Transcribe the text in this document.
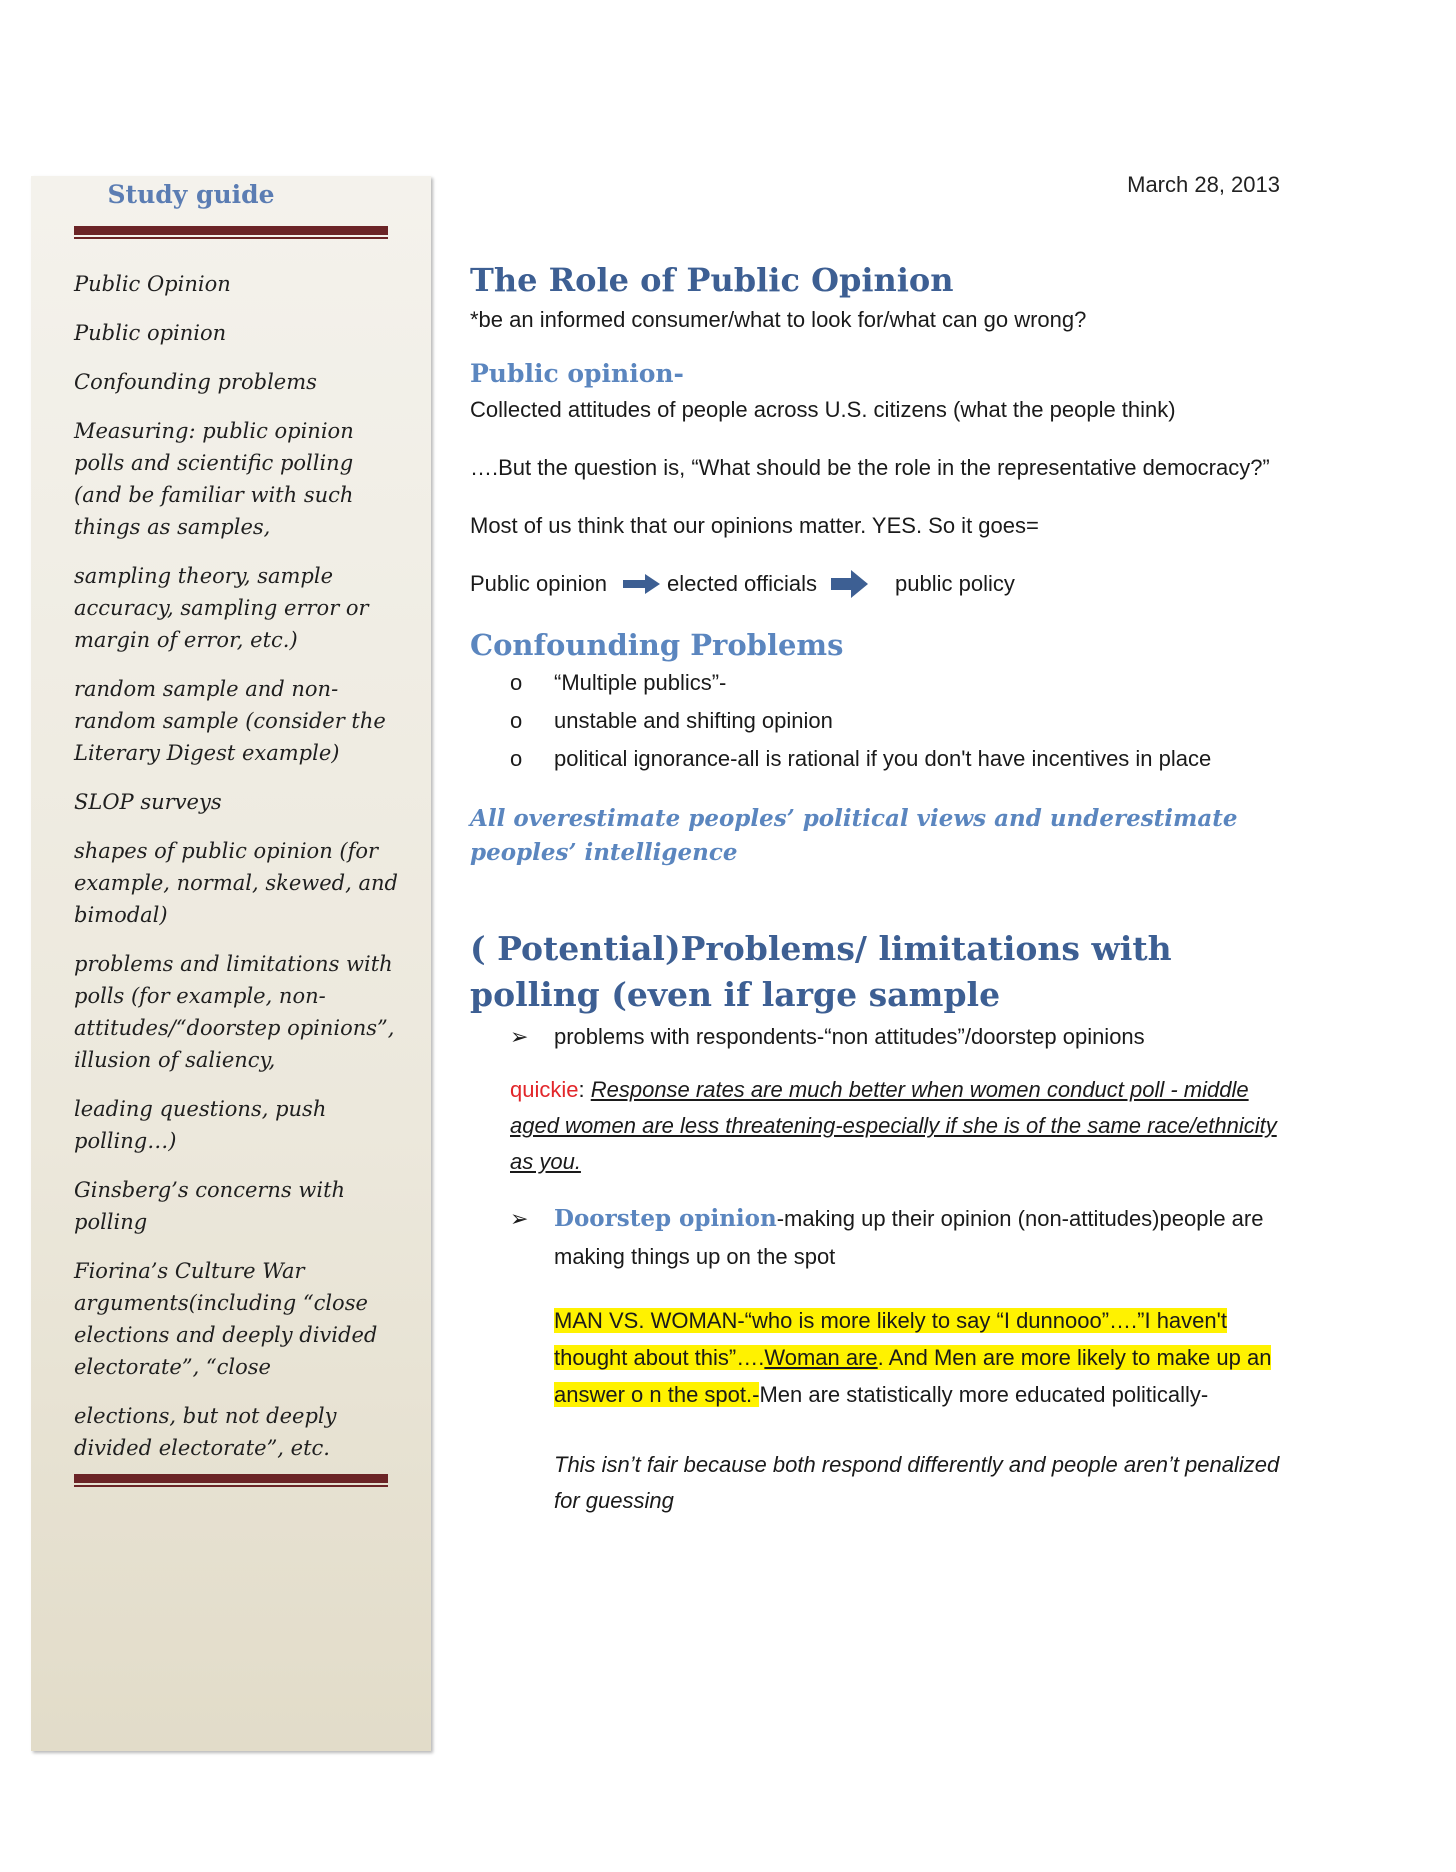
Study guide
Public Opinion
Public opinion
Confounding problems
Measuring: public opinion polls and scientific polling (and be familiar with such things as samples,
sampling theory, sample accuracy, sampling error or margin of error, etc.)
random sample and non-random sample (consider the Literary Digest example)
SLOP surveys
shapes of public opinion (for example, normal, skewed, and bimodal)
problems and limitations with polls (for example, non-attitudes/“doorstep opinions”, illusion of saliency,
leading questions, push polling…)
Ginsberg’s concerns with polling
Fiorina’s Culture War arguments(including “close elections and deeply divided electorate”, “close
elections, but not deeply divided electorate”, etc.
March 28, 2013
The Role of Public Opinion

*be an informed consumer/what to look for/what can go wrong?

Public opinion-

Collected attitudes of people across U.S. citizens (what the people think)

….But the question is, “What should be the role in the representative democracy?”

Most of us think that our opinions matter. YES. So it goes=

Public opinion	elected officials	public policy
Confounding Problems
o	“Multiple publics”-
o	unstable and shifting opinion
o	political ignorance-all is rational if you don't have incentives in place

All overestimate peoples’ political views and underestimate peoples’ intelligence

( Potential)Problems/ limitations with polling (even if large sample
➢	problems with respondents-“non attitudes”/doorstep opinions

quickie: Response rates are much better when women conduct poll - middle aged women are less threatening-especially if she is of the same race/ethnicity as you.

➢	Doorstep opinion-making up their opinion (non-attitudes)people are making things up on the spot

MAN VS. WOMAN-“who is more likely to say “I dunnooo”….”I haven't thought about this”….Woman are. And Men are more likely to make up an answer o n the spot.-Men are statistically more educated politically-

This isn’t fair because both respond differently and people aren’t penalized for guessing
